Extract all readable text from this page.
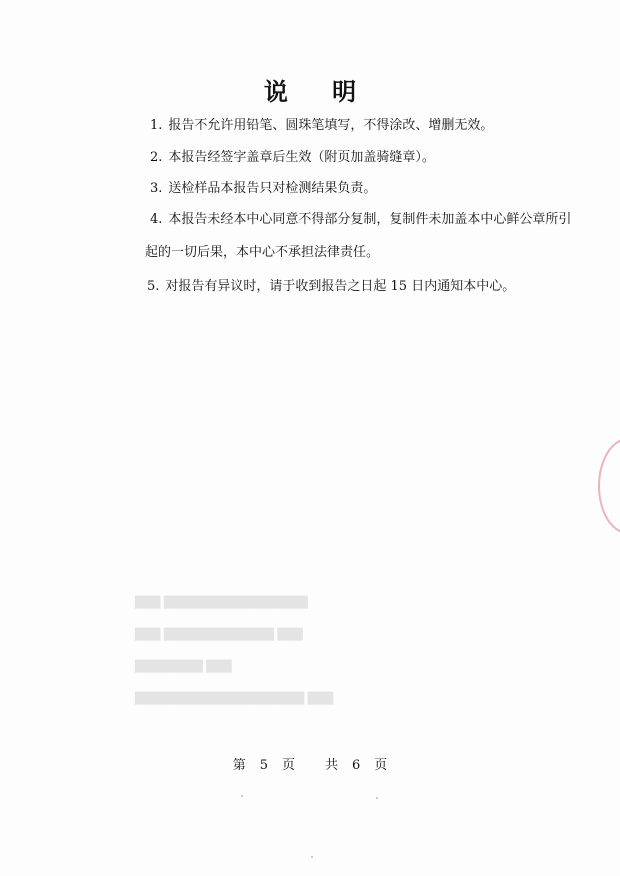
说 明
1. 报告不允许用铅笔、圆珠笔填写，不得涂改、增删无效。
2. 本报告经签字盖章后生效（附页加盖骑缝章）。
3. 送检样品本报告只对检测结果负责。
4. 本报告未经本中心同意不得部分复制，复制件未加盖本中心鲜公章所引
起的一切后果，本中心不承担法律责任。
5. 对报告有异议时，请于收到报告之日起 15 日内通知本中心。
█████████████████ ███
███ █████████████ ███
███ ████████
███ ████████████████████
第 5 页 共 6 页
